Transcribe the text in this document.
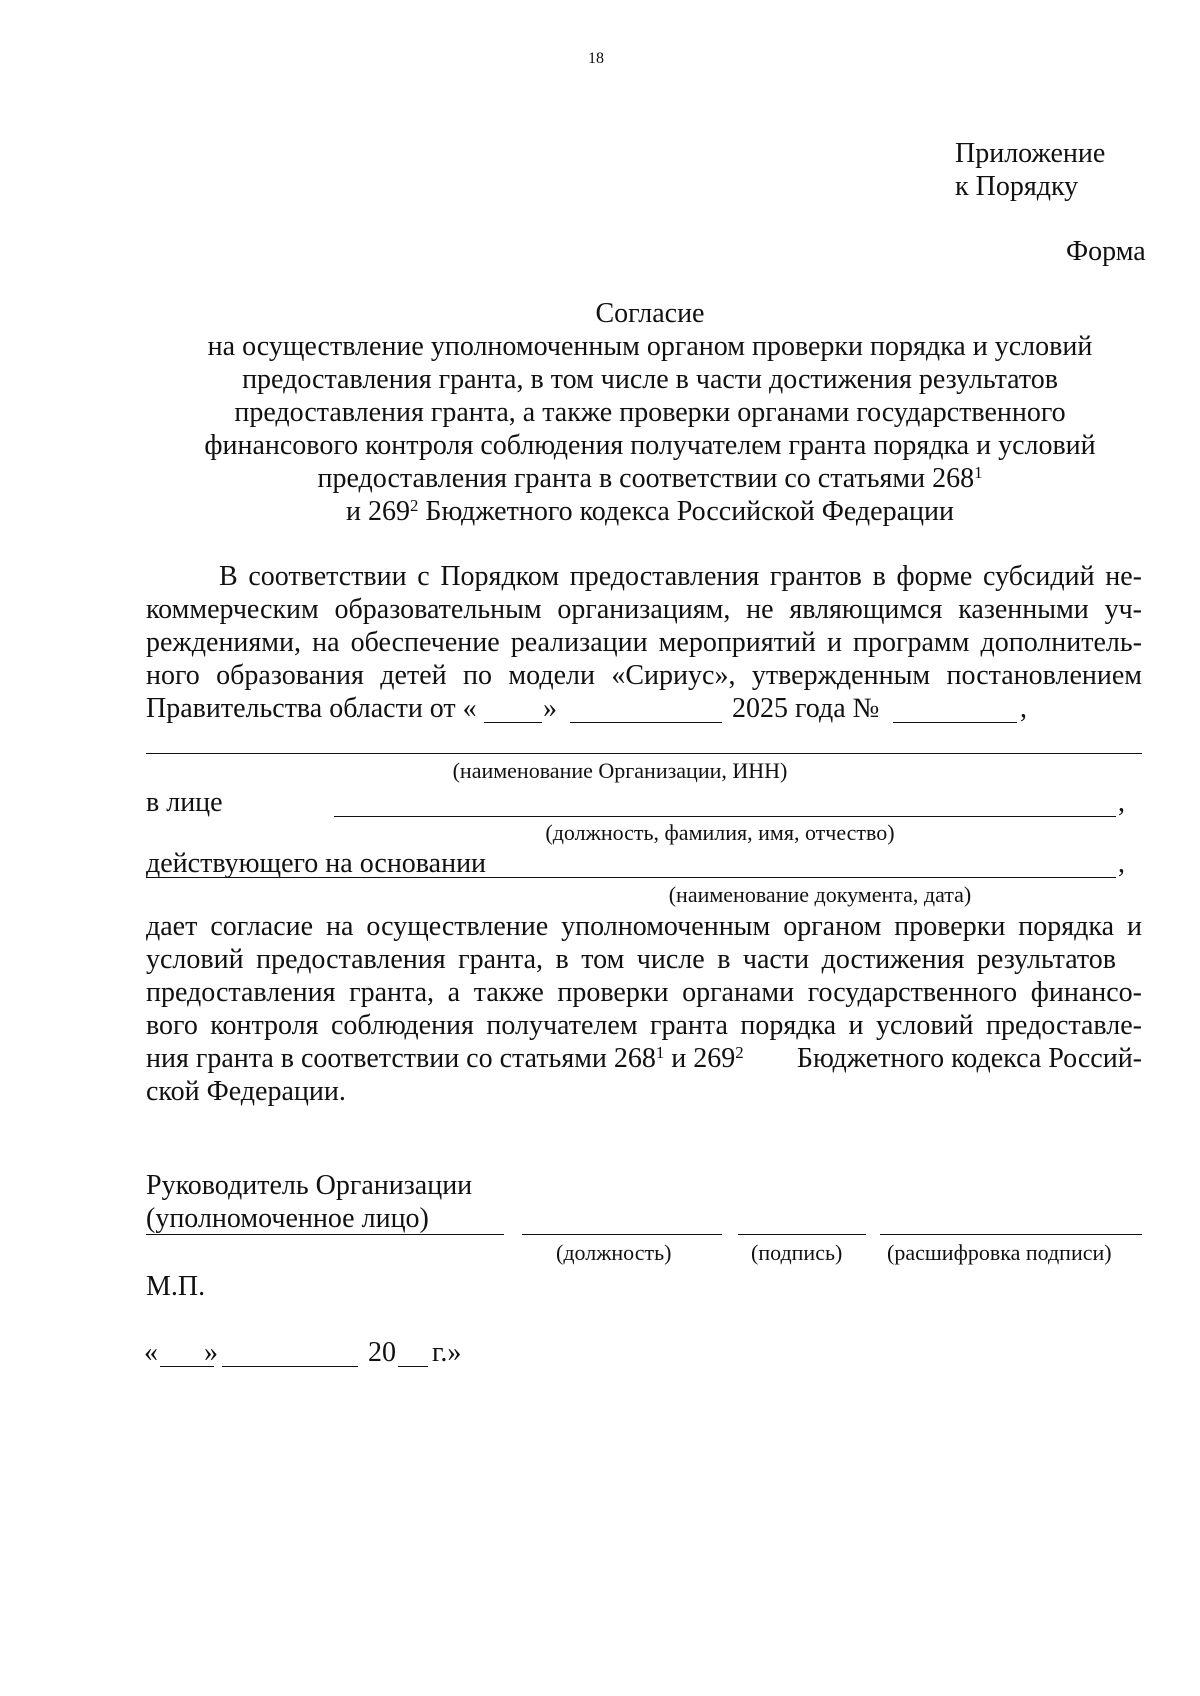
18
Приложение
к Порядку
Форма
Согласие
на осуществление уполномоченным органом проверки порядка и условий
предоставления гранта, в том числе в части достижения результатов
предоставления гранта, а также проверки органами государственного
финансового контроля соблюдения получателем гранта порядка и условий
предоставления гранта в соответствии со статьями $268^1$
и $269^2$ Бюджетного кодекса Российской Федерации
В соответствии с Порядком предоставления грантов в форме субсидий не-
коммерческим образовательным организациям, не являющимся казенными уч-
реждениями, на обеспечение реализации мероприятий и программ дополнитель-
ного образования детей по модели «Сириус», утвержденным постановлением
Правительства области от « »	2025 года №	,
(наименование Организации, ИНН)
в лице	,
(должность, фамилия, имя, отчество)
действующего на основании	,
(наименование документа, дата)
дает согласие на осуществление уполномоченным органом проверки порядка и
условий предоставления гранта, в том числе в части достижения результатов
предоставления гранта, а также проверки органами государственного финансо-
вого контроля соблюдения получателем гранта порядка и условий предоставле-
ния гранта в соответствии со статьями $268^1$ и $269^2$ Бюджетного кодекса Россий-
ской Федерации.
Руководитель Организации
(уполномоченное лицо)
(должность)	(подпись) (расшифровка подписи)
М.П.
« »	20 г.»
